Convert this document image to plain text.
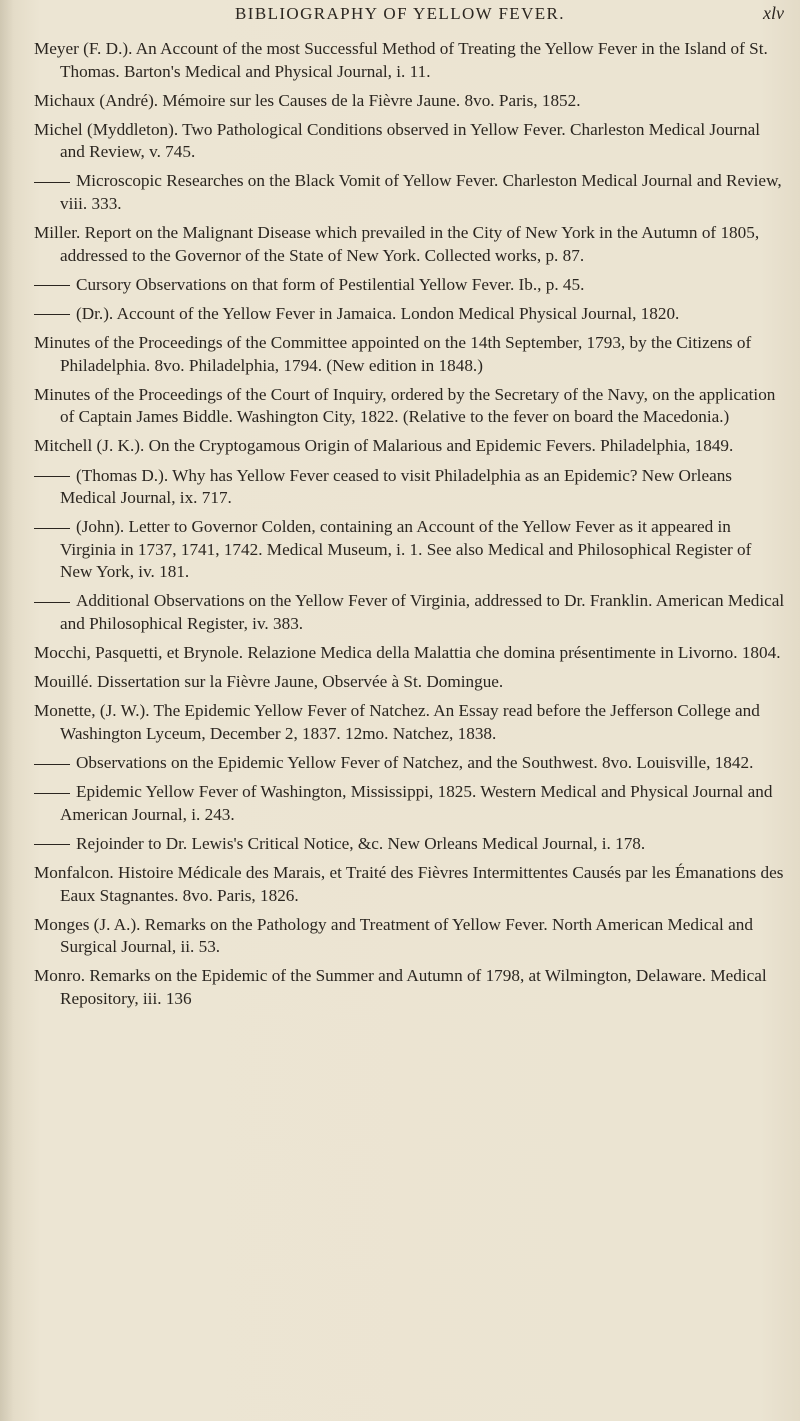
BIBLIOGRAPHY OF YELLOW FEVER.	xlv

Meyer (F. D.). An Account of the most Successful Method of Treating the Yellow Fever in the Island of St. Thomas. Barton's Medical and Physical Journal, i. 11.

Michaux (André). Mémoire sur les Causes de la Fièvre Jaune. 8vo. Paris, 1852.

Michel (Myddleton). Two Pathological Conditions observed in Yellow Fever. Charleston Medical Journal and Review, v. 745.

Microscopic Researches on the Black Vomit of Yellow Fever. Charleston Medical Journal and Review, viii. 333.

Miller. Report on the Malignant Disease which prevailed in the City of New York in the Autumn of 1805, addressed to the Governor of the State of New York. Collected works, p. 87.

Cursory Observations on that form of Pestilential Yellow Fever. Ib., p. 45.

(Dr.). Account of the Yellow Fever in Jamaica. London Medical Physical Journal, 1820.

Minutes of the Proceedings of the Committee appointed on the 14th September, 1793, by the Citizens of Philadelphia. 8vo. Philadelphia, 1794. (New edition in 1848.)

Minutes of the Proceedings of the Court of Inquiry, ordered by the Secretary of the Navy, on the application of Captain James Biddle. Washington City, 1822. (Relative to the fever on board the Macedonia.)

Mitchell (J. K.). On the Cryptogamous Origin of Malarious and Epidemic Fevers. Philadelphia, 1849.

(Thomas D.). Why has Yellow Fever ceased to visit Philadelphia as an Epidemic? New Orleans Medical Journal, ix. 717.

(John). Letter to Governor Colden, containing an Account of the Yellow Fever as it appeared in Virginia in 1737, 1741, 1742. Medical Museum, i. 1. See also Medical and Philosophical Register of New York, iv. 181.

Additional Observations on the Yellow Fever of Virginia, addressed to Dr. Franklin. American Medical and Philosophical Register, iv. 383.

Mocchi, Pasquetti, et Brynole. Relazione Medica della Malattia che domina présentimente in Livorno. 1804.

Mouillé. Dissertation sur la Fièvre Jaune, Observée à St. Domingue.

Monette, (J. W.). The Epidemic Yellow Fever of Natchez. An Essay read before the Jefferson College and Washington Lyceum, December 2, 1837. 12mo. Natchez, 1838.

Observations on the Epidemic Yellow Fever of Natchez, and the Southwest. 8vo. Louisville, 1842.

Epidemic Yellow Fever of Washington, Mississippi, 1825. Western Medical and Physical Journal and American Journal, i. 243.

Rejoinder to Dr. Lewis's Critical Notice, &c. New Orleans Medical Journal, i. 178.

Monfalcon. Histoire Médicale des Marais, et Traité des Fièvres Intermittentes Causés par les Émanations des Eaux Stagnantes. 8vo. Paris, 1826.

Monges (J. A.). Remarks on the Pathology and Treatment of Yellow Fever. North American Medical and Surgical Journal, ii. 53.

Monro. Remarks on the Epidemic of the Summer and Autumn of 1798, at Wilmington, Delaware. Medical Repository, iii. 136
